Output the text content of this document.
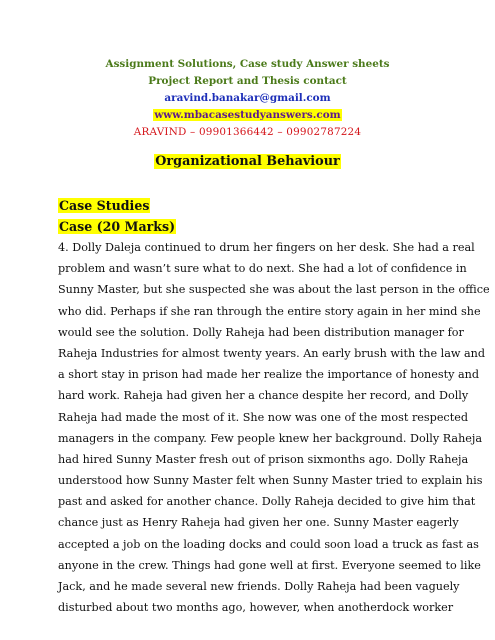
Assignment Solutions, Case study Answer sheets
Project Report and Thesis contact
aravind.banakar@gmail.com
www.mbacasestudyanswers.com
ARAVIND – 09901366442 – 09902787224
Organizational Behaviour
Case Studies
Case (20 Marks)
4. Dolly Daleja continued to drum her fingers on her desk. She had a real
problem and wasn’t sure what to do next. She had a lot of confidence in
Sunny Master, but she suspected she was about the last person in the office
who did. Perhaps if she ran through the entire story again in her mind she
would see the solution. Dolly Raheja had been distribution manager for
Raheja Industries for almost twenty years. An early brush with the law and
a short stay in prison had made her realize the importance of honesty and
hard work. Raheja had given her a chance despite her record, and Dolly
Raheja had made the most of it. She now was one of the most respected
managers in the company. Few people knew her background. Dolly Raheja
had hired Sunny Master fresh out of prison sixmonths ago. Dolly Raheja
understood how Sunny Master felt when Sunny Master tried to explain his
past and asked for another chance. Dolly Raheja decided to give him that
chance just as Henry Raheja had given her one. Sunny Master eagerly
accepted a job on the loading docks and could soon load a truck as fast as
anyone in the crew. Things had gone well at first. Everyone seemed to like
Jack, and he made several new friends. Dolly Raheja had been vaguely
disturbed about two months ago, however, when anotherdock worker
